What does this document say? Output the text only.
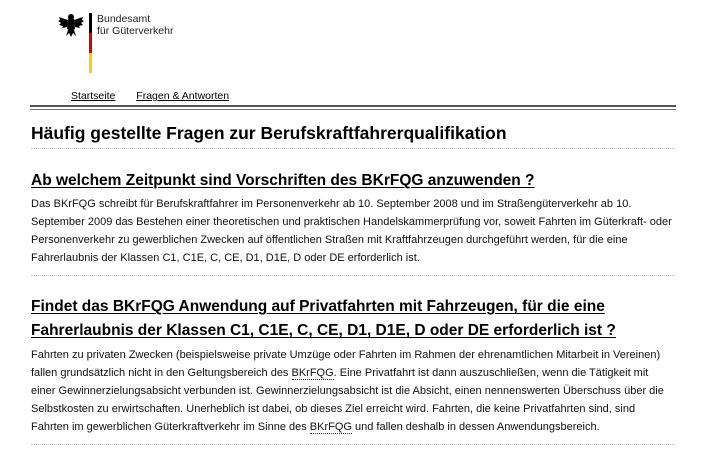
Bundesamt
für Güterverkehr
Startseite Fragen & Antworten
Häufig gestellte Fragen zur Berufskraftfahrerqualifikation
Ab welchem Zeitpunkt sind Vorschriften des BKrFQG anzuwenden ?

Das BKrFQG schreibt für Berufskraftfahrer im Personenverkehr ab 10. September 2008 und im Straßengüterverkehr ab 10. September 2009 das Bestehen einer theoretischen und praktischen Handelskammerprüfung vor, soweit Fahrten im Güterkraft- oder Personenverkehr zu gewerblichen Zwecken auf öffentlichen Straßen mit Kraftfahrzeugen durchgeführt werden, für die eine Fahrerlaubnis der Klassen C1, C1E, C, CE, D1, D1E, D oder DE erforderlich ist.

Findet das BKrFQG Anwendung auf Privatfahrten mit Fahrzeugen, für die eine Fahrerlaubnis der Klassen C1, C1E, C, CE, D1, D1E, D oder DE erforderlich ist ?

Fahrten zu privaten Zwecken (beispielsweise private Umzüge oder Fahrten im Rahmen der ehrenamtlichen Mitarbeit in Vereinen) fallen grundsätzlich nicht in den Geltungsbereich des BKrFQG. Eine Privatfahrt ist dann auszuschließen, wenn die Tätigkeit mit einer Gewinnerzielungsabsicht verbunden ist. Gewinnerzielungsabsicht ist die Absicht, einen nennenswerten Überschuss über die Selbstkosten zu erwirtschaften. Unerheblich ist dabei, ob dieses Ziel erreicht wird. Fahrten, die keine Privatfahrten sind, sind Fahrten im gewerblichen Güterkraftverkehr im Sinne des BKrFQG und fallen deshalb in dessen Anwendungsbereich.
